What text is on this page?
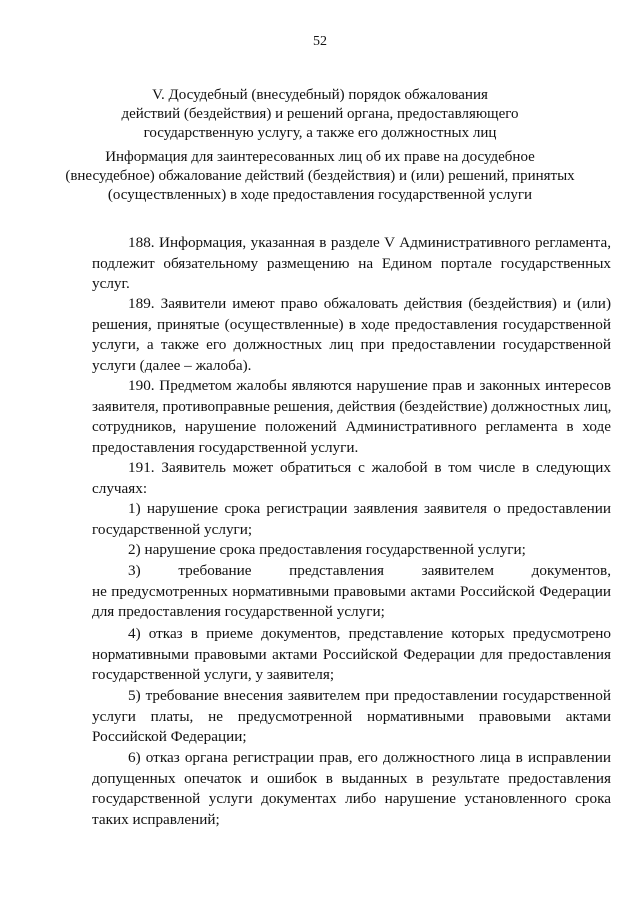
52
V. Досудебный (внесудебный) порядок обжалования
действий (бездействия) и решений органа, предоставляющего
государственную услугу, а также его должностных лиц
Информация для заинтересованных лиц об их праве на досудебное
(внесудебное) обжалование действий (бездействия) и (или) решений, принятых
(осуществленных) в ходе предоставления государственной услуги
188. Информация, указанная в разделе V Административного регламента,
подлежит обязательному размещению на Едином портале государственных
услуг.
189. Заявители имеют право обжаловать действия (бездействия) и (или)
решения, принятые (осуществленные) в ходе предоставления государственной
услуги, а также его должностных лиц при предоставлении государственной
услуги (далее – жалоба).
190. Предметом жалобы являются нарушение прав и законных интересов
заявителя, противоправные решения, действия (бездействие) должностных лиц,
сотрудников, нарушение положений Административного регламента в ходе
предоставления государственной услуги.
191. Заявитель может обратиться с жалобой в том числе в следующих
случаях:
1) нарушение срока регистрации заявления заявителя о предоставлении
государственной услуги;
2) нарушение срока предоставления государственной услуги;
3) требование представления заявителем документов,
не предусмотренных нормативными правовыми актами Российской Федерации
для предоставления государственной услуги;
4) отказ в приеме документов, представление которых предусмотрено
нормативными правовыми актами Российской Федерации для предоставления
государственной услуги, у заявителя;
5) требование внесения заявителем при предоставлении государственной
услуги платы, не предусмотренной нормативными правовыми актами
Российской Федерации;
6) отказ органа регистрации прав, его должностного лица в исправлении
допущенных опечаток и ошибок в выданных в результате предоставления
государственной услуги документах либо нарушение установленного срока
таких исправлений;
